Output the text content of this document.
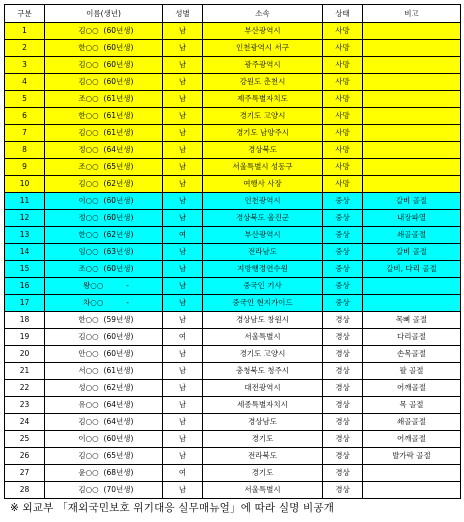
구분	이름(생년)	성별	소속	상태	비고
1	김○○ (60년생)	남	부산광역시	사망	
2	한○○ (60년생)	남	인천광역시 서구	사망	
3	김○○ (60년생)	남	광주광역시	사망	
4	김○○ (60년생)	남	강원도 춘천시	사망	
5	조○○ (61년생)	남	제주특별자치도	사망	
6	한○○ (61년생)	남	경기도 고양시	사망	
7	김○○ (61년생)	남	경기도 남양주시	사망	
8	정○○ (64년생)	남	경상북도	사망	
9	조○○ (65년생)	남	서울특별시 성동구	사망	
10	김○○ (62년생)	남	여행사 사장	사망	
11	이○○ (60년생)	남	인천광역시	중상	갈비 골절
12	정○○ (60년생)	남	경상북도 울진군	중상	내장파열
13	한○○ (62년생)	여	부산광역시	중상	쇄골골절
14	임○○ (63년생)	남	전라남도	중상	갈비 골절
15	조○○ (60년생)	남	지방행정연수원	중상	갈비, 다리 골절
16	왕○○ -	남	중국인 기사	중상	
17	차○○ -	남	중국인 현지가이드	중상	
18	한○○ (59년생)	남	경상남도 창원시	경상	목뼈 골절
19	김○○ (60년생)	여	서울특별시	경상	다리골절
20	안○○ (60년생)	남	경기도 고양시	경상	손목골절
21	서○○ (61년생)	남	충청북도 청주시	경상	팔 골절
22	성○○ (62년생)	남	대전광역시	경상	어깨골절
23	유○○ (64년생)	남	세종특별자치시	경상	목 골절
24	김○○ (64년생)	남	경상남도	경상	쇄골골절
25	이○○ (60년생)	남	경기도	경상	어깨골절
26	김○○ (65년생)	남	전라북도	경상	발가락 골절
27	윤○○ (68년생)	여	경기도	경상	
28	김○○ (70년생)	남	서울특별시	경상	
※ 외교부 「재외국민보호 위기대응 실무매뉴얼」에 따라 실명 비공개
